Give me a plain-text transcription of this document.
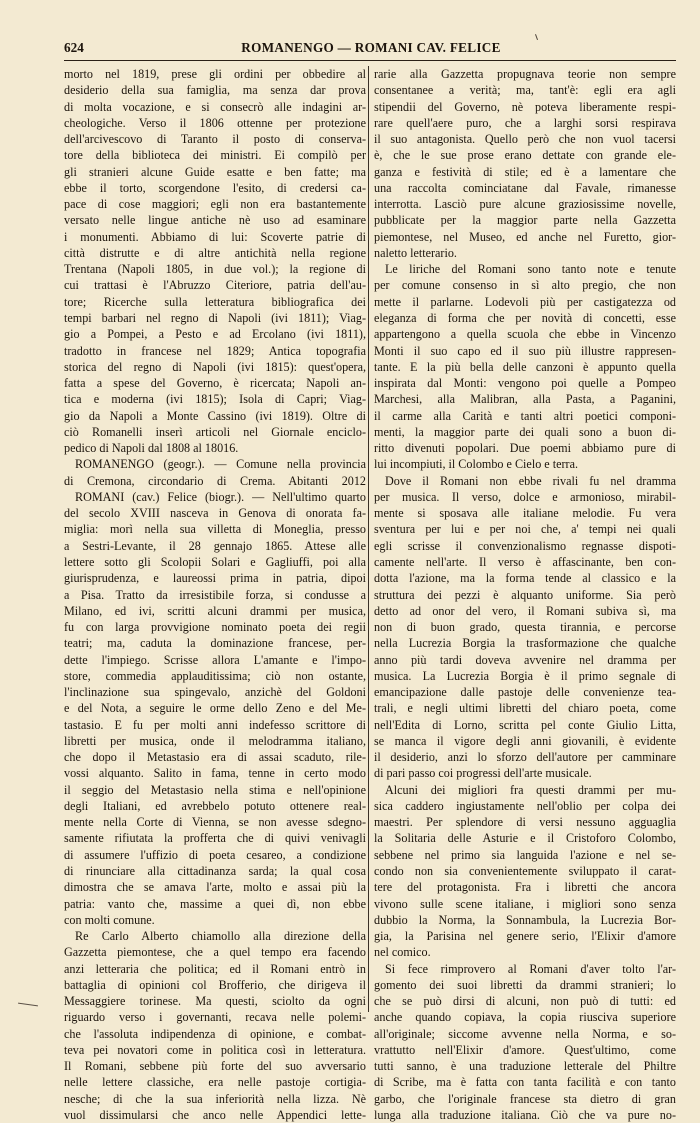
624	ROMANENGO — ROMANI CAV. FELICE
morto nel 1819, prese gli ordini per obbedire al
desiderio della sua famiglia, ma senza dar prova
di molta vocazione, e si consecrò alle indagini ar-
cheologiche. Verso il 1806 ottenne per protezione
dell'arcivescovo di Taranto il posto di conserva-
tore della biblioteca dei ministri. Ei compilò per
gli stranieri alcune Guide esatte e ben fatte; ma
ebbe il torto, scorgendone l'esito, di credersi ca-
pace di cose maggiori; egli non era bastantemente
versato nelle lingue antiche nè uso ad esaminare
i monumenti. Abbiamo di lui: Scoverte patrie di
città distrutte e di altre antichità nella regione
Trentana (Napoli 1805, in due vol.); la regione di
cui trattasi è l'Abruzzo Citeriore, patria dell'au-
tore; Ricerche sulla letteratura bibliografica dei
tempi barbari nel regno di Napoli (ivi 1811); Viag-
gio a Pompei, a Pesto e ad Ercolano (ivi 1811),
tradotto in francese nel 1829; Antica topografia
storica del regno di Napoli (ivi 1815): quest'opera,
fatta a spese del Governo, è ricercata; Napoli an-
tica e moderna (ivi 1815); Isola di Capri; Viag-
gio da Napoli a Monte Cassino (ivi 1819). Oltre di
ciò Romanelli inserì articoli nel Giornale enciclo-
pedico di Napoli dal 1808 al 18016.
ROMANENGO (geogr.). — Comune nella provincia
di Cremona, circondario di Crema. Abitanti 2012
ROMANI (cav.) Felice (biogr.). — Nell'ultimo quarto
del secolo XVIII nasceva in Genova di onorata fa-
miglia: morì nella sua villetta di Moneglia, presso
a Sestri-Levante, il 28 gennajo 1865. Attese alle
lettere sotto gli Scolopii Solari e Gagliuffi, poi alla
giurisprudenza, e laureossi prima in patria, dipoi
a Pisa. Tratto da irresistibile forza, si condusse a
Milano, ed ivi, scritti alcuni drammi per musica,
fu con larga provvigione nominato poeta dei regii
teatri; ma, caduta la dominazione francese, per-
dette l'impiego. Scrisse allora L'amante e l'impo-
store, commedia applauditissima; ciò non ostante,
l'inclinazione sua spingevalo, anzichè del Goldoni
e del Nota, a seguire le orme dello Zeno e del Me-
tastasio. E fu per molti anni indefesso scrittore di
libretti per musica, onde il melodramma italiano,
che dopo il Metastasio era di assai scaduto, rile-
vossi alquanto. Salito in fama, tenne in certo modo
il seggio del Metastasio nella stima e nell'opinione
degli Italiani, ed avrebbelo potuto ottenere real-
mente nella Corte di Vienna, se non avesse sdegno-
samente rifiutata la profferta che di quivi venivagli
di assumere l'uffizio di poeta cesareo, a condizione
di rinunciare alla cittadinanza sarda; la qual cosa
dimostra che se amava l'arte, molto e assai più la
patria: vanto che, massime a quei dì, non ebbe
con molti comune.
Re Carlo Alberto chiamollo alla direzione della
Gazzetta piemontese, che a quel tempo era facendo
anzi letteraria che politica; ed il Romani entrò in
battaglia di opinioni col Brofferio, che dirigeva il
Messaggiere torinese. Ma questi, sciolto da ogni
riguardo verso i governanti, recava nelle polemi-
che l'assoluta indipendenza di opinione, e combat-
teva pei novatori come in politica così in letteratura.
Il Romani, sebbene più forte del suo avversario
nelle lettere classiche, era nelle pastoje cortigia-
nesche; di che la sua inferiorità nella lizza. Nè
vuol dissimularsi che anco nelle Appendici lette-
rarie alla Gazzetta propugnava teorie non sempre
consentanee a verità; ma, tant'è: egli era agli
stipendii del Governo, nè poteva liberamente respi-
rare quell'aere puro, che a larghi sorsi respirava
il suo antagonista. Quello però che non vuol tacersi
è, che le sue prose erano dettate con grande ele-
ganza e festività di stile; ed è a lamentare che
una raccolta cominciatane dal Favale, rimanesse
interrotta. Lasciò pure alcune graziosissime novelle,
pubblicate per la maggior parte nella Gazzetta
piemontese, nel Museo, ed anche nel Furetto, gior-
naletto letterario.
Le liriche del Romani sono tanto note e tenute
per comune consenso in sì alto pregio, che non
mette il parlarne. Lodevoli più per castigatezza od
eleganza di forma che per novità di concetti, esse
appartengono a quella scuola che ebbe in Vincenzo
Monti il suo capo ed il suo più illustre rappresen-
tante. E la più bella delle canzoni è appunto quella
inspirata dal Monti: vengono poi quelle a Pompeo
Marchesi, alla Malibran, alla Pasta, a Paganini,
il carme alla Carità e tanti altri poetici componi-
menti, la maggior parte dei quali sono a buon di-
ritto divenuti popolari. Due poemi abbiamo pure di
lui incompiuti, il Colombo e Cielo e terra.
Dove il Romani non ebbe rivali fu nel dramma
per musica. Il verso, dolce e armonioso, mirabil-
mente si sposava alle italiane melodie. Fu vera
sventura per lui e per noi che, a' tempi nei quali
egli scrisse il convenzionalismo regnasse dispoti-
camente nell'arte. Il verso è affascinante, ben con-
dotta l'azione, ma la forma tende al classico e la
struttura dei pezzi è alquanto uniforme. Sia però
detto ad onor del vero, il Romani subiva sì, ma
non di buon grado, questa tirannia, e percorse
nella Lucrezia Borgia la trasformazione che qualche
anno più tardi doveva avvenire nel dramma per
musica. La Lucrezia Borgia è il primo segnale di
emancipazione dalle pastoje delle convenienze tea-
trali, e negli ultimi libretti del chiaro poeta, come
nell'Edita di Lorno, scritta pel conte Giulio Litta,
se manca il vigore degli anni giovanili, è evidente
il desiderio, anzi lo sforzo dell'autore per camminare
di pari passo coi progressi dell'arte musicale.
Alcuni dei migliori fra questi drammi per mu-
sica caddero ingiustamente nell'oblio per colpa dei
maestri. Per splendore di versi nessuno agguaglia
la Solitaria delle Asturie e il Cristoforo Colombo,
sebbene nel primo sia languida l'azione e nel se-
condo non sia convenientemente sviluppato il carat-
tere del protagonista. Fra i libretti che ancora
vivono sulle scene italiane, i migliori sono senza
dubbio la Norma, la Sonnambula, la Lucrezia Bor-
gia, la Parisina nel genere serio, l'Elixir d'amore
nel comico.
Si fece rimprovero al Romani d'aver tolto l'ar-
gomento dei suoi libretti da drammi stranieri; lo
che se può dirsi di alcuni, non può di tutti: ed
anche quando copiava, la copia riusciva superiore
all'originale; siccome avvenne nella Norma, e so-
vrattutto nell'Elixir d'amore. Quest'ultimo, come
tutti sanno, è una traduzione letterale del Philtre
di Scribe, ma è fatta con tanta facilità e con tanto
garbo, che l'originale francese sta dietro di gran
lunga alla traduzione italiana. Ciò che va pure no-
